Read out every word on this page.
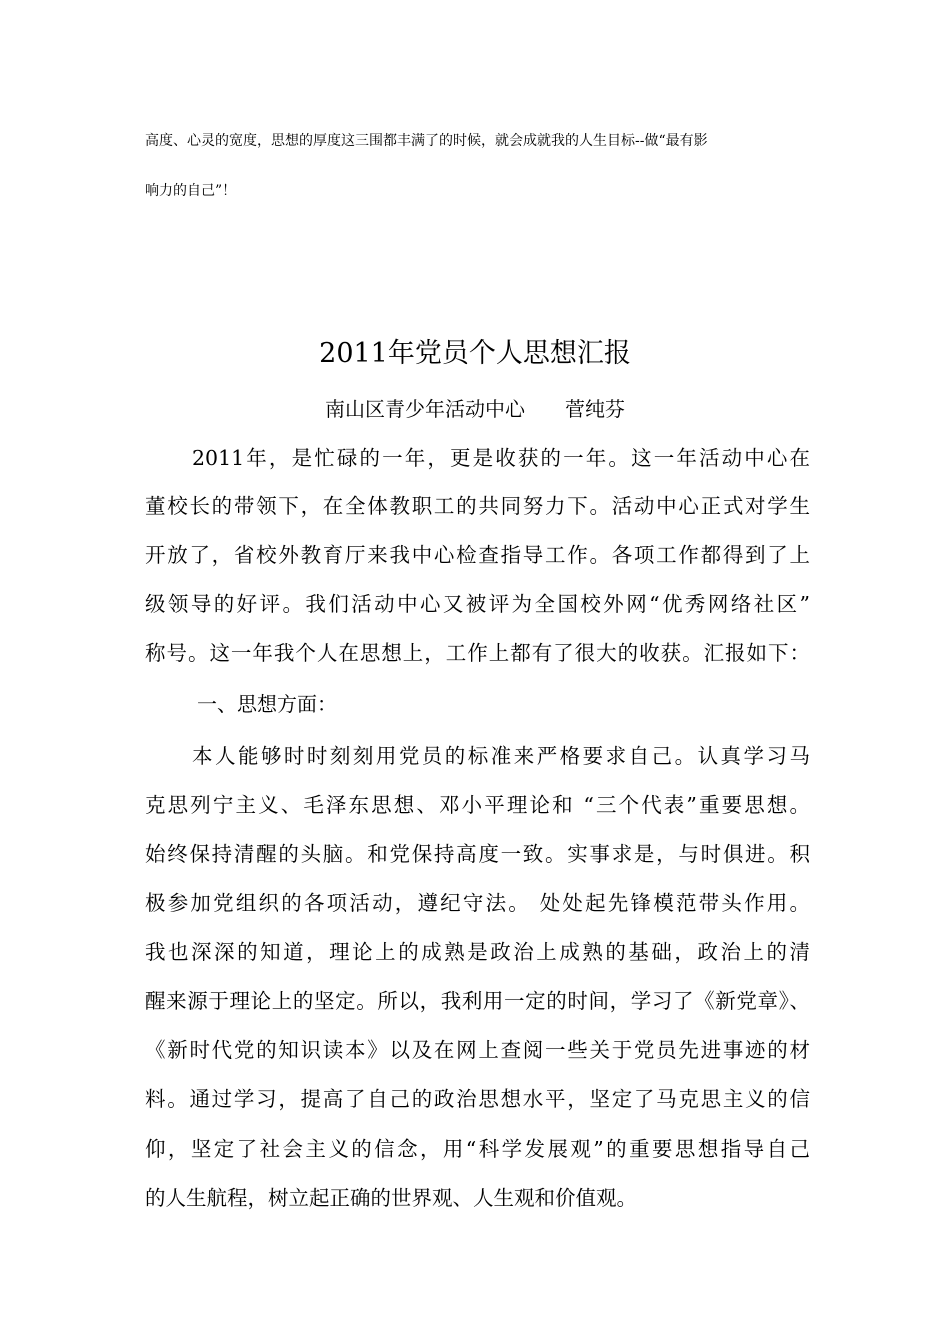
高度、心灵的宽度，思想的厚度这三围都丰满了的时候，就会成就我的人生目标--做“最有影
响力的自己”！
2011年党员个人思想汇报
南山区青少年活动中心 菅纯芬
2011年，是忙碌的一年，更是收获的一年。这一年活动中心在
董校长的带领下，在全体教职工的共同努力下。活动中心正式对学生
开放了，省校外教育厅来我中心检查指导工作。各项工作都得到了上
级领导的好评。我们活动中心又被评为全国校外网“优秀网络社区”
称号。这一年我个人在思想上，工作上都有了很大的收获。汇报如下：
一、思想方面：
本人能够时时刻刻用党员的标准来严格要求自己。认真学习马
克思列宁主义、毛泽东思想、邓小平理论和 “三个代表”重要思想。
始终保持清醒的头脑。和党保持高度一致。实事求是，与时俱进。积
极参加党组织的各项活动，遵纪守法。 处处起先锋模范带头作用。
我也深深的知道，理论上的成熟是政治上成熟的基础，政治上的清
醒来源于理论上的坚定。所以，我利用一定的时间，学习了《新党章》、
《新时代党的知识读本》以及在网上查阅一些关于党员先进事迹的材
料。通过学习，提高了自己的政治思想水平，坚定了马克思主义的信
仰，坚定了社会主义的信念，用“科学发展观”的重要思想指导自己
的人生航程，树立起正确的世界观、人生观和价值观。
